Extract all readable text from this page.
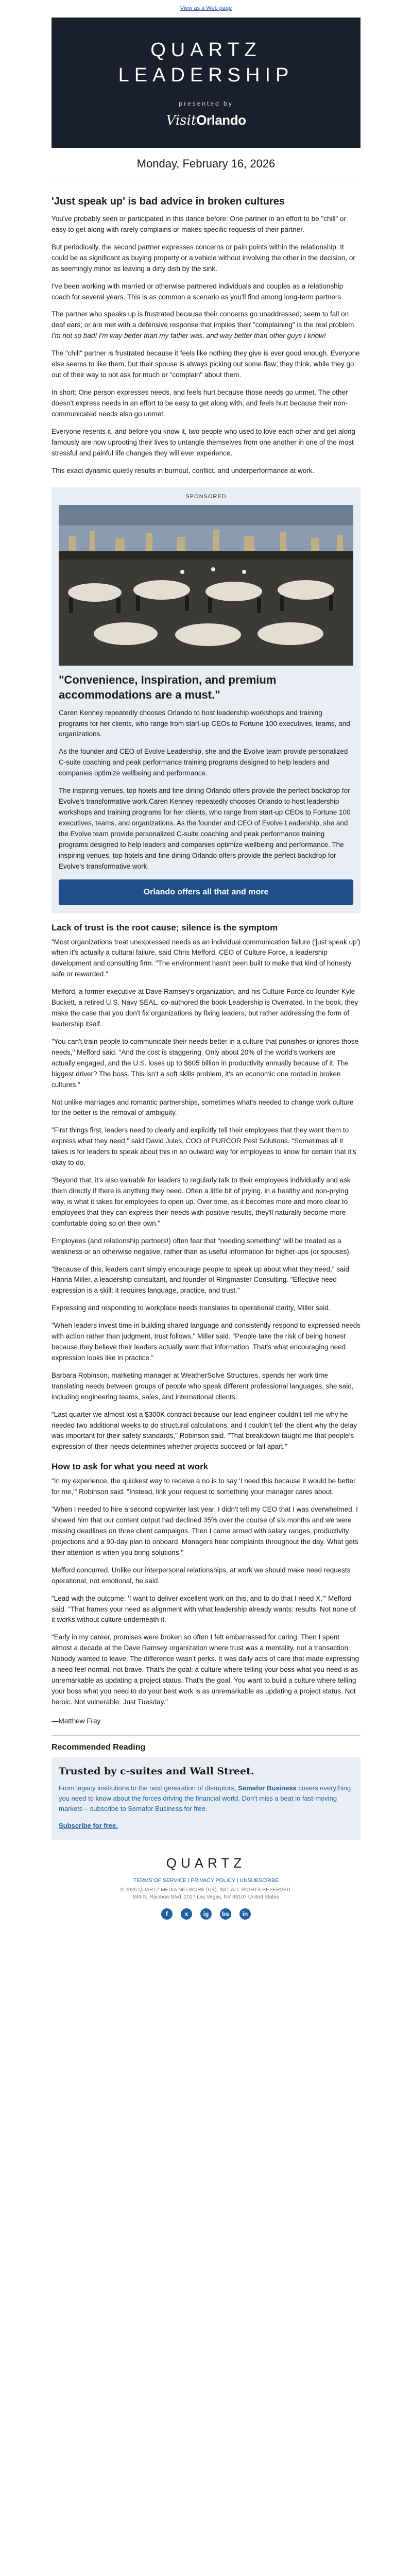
View as a Web page
QUARTZ
LEADERSHIP
presented by
VisitOrlando
Monday, February 16, 2026
'Just speak up' is bad advice in broken cultures

You've probably seen or participated in this dance before: One partner in an effort to be "chill" or easy to get along with rarely complains or makes specific requests of their partner.

But periodically, the second partner expresses concerns or pain points within the relationship. It could be as significant as buying property or a vehicle without involving the other in the decision, or as seemingly minor as leaving a dirty dish by the sink.

I've been working with married or otherwise partnered individuals and couples as a relationship coach for several years. This is as common a scenario as you'll find among long-term partners.

The partner who speaks up is frustrated because their concerns go unaddressed; seem to fall on deaf ears; or are met with a defensive response that implies their "complaining" is the real problem. I'm not so bad! I'm way better than my father was, and way better than other guys I know!

The "chill" partner is frustrated because it feels like nothing they give is ever good enough. Everyone else seems to like them, but their spouse is always picking out some flaw; they think, while they go out of their way to not ask for much or "complain" about them.

In short: One person expresses needs, and feels hurt because those needs go unmet. The other doesn't express needs in an effort to be easy to get along with, and feels hurt because their non-communicated needs also go unmet.

Everyone resents it, and before you know it, two people who used to love each other and get along famously are now uprooting their lives to untangle themselves from one another in one of the most stressful and painful life changes they will ever experience.

This exact dynamic quietly results in burnout, conflict, and underperformance at work.

SPONSORED
"Convenience, Inspiration, and premium accommodations are a must."

Caren Kenney repeatedly chooses Orlando to host leadership workshops and training programs for her clients, who range from start-up CEOs to Fortune 100 executives, teams, and organizations.

As the founder and CEO of Evolve Leadership, she and the Evolve team provide personalized C-suite coaching and peak performance training programs designed to help leaders and companies optimize wellbeing and performance.

The inspiring venues, top hotels and fine dining Orlando offers provide the perfect backdrop for Evolve's transformative work.Caren Kenney repeatedly chooses Orlando to host leadership workshops and training programs for her clients, who range from start-up CEOs to Fortune 100 executives, teams, and organizations. As the founder and CEO of Evolve Leadership, she and the Evolve team provide personalized C-suite coaching and peak performance training programs designed to help leaders and companies optimize wellbeing and performance. The inspiring venues, top hotels and fine dining Orlando offers provide the perfect backdrop for Evolve's transformative work.

Orlando offers all that and more
Lack of trust is the root cause; silence is the symptom

"Most organizations treat unexpressed needs as an individual communication failure ('just speak up') when it's actually a cultural failure, said Chris Mefford, CEO of Culture Force, a leadership development and consulting firm. "The environment hasn't been built to make that kind of honesty safe or rewarded."

Mefford, a former executive at Dave Ramsey's organization, and his Culture Force co-founder Kyle Buckett, a retired U.S. Navy SEAL, co-authored the book Leadership is Overrated. In the book, they make the case that you don't fix organizations by fixing leaders, but rather addressing the form of leadership itself.

"You can't train people to communicate their needs better in a culture that punishes or ignores those needs," Mefford said. "And the cost is staggering. Only about 20% of the world's workers are actually engaged, and the U.S. loses up to $605 billion in productivity annually because of it. The biggest driver? The boss. This isn't a soft skills problem, it's an economic one rooted in broken cultures."

Not unlike marriages and romantic partnerships, sometimes what's needed to change work culture for the better is the removal of ambiguity.

"First things first, leaders need to clearly and explicitly tell their employees that they want them to express what they need," said David Jules, COO of PURCOR Pest Solutions. "Sometimes all it takes is for leaders to speak about this in an outward way for employees to know for certain that it's okay to do.

"Beyond that, it's also valuable for leaders to regularly talk to their employees individually and ask them directly if there is anything they need. Often a little bit of prying, in a healthy and non-prying way, is what it takes for employees to open up. Over time, as it becomes more and more clear to employees that they can express their needs with positive results, they'll naturally become more comfortable doing so on their own."

Employees (and relationship partners!) often fear that "needing something" will be treated as a weakness or an otherwise negative, rather than as useful information for higher-ups (or spouses).

"Because of this, leaders can't simply encourage people to speak up about what they need," said Hanna Miller, a leadership consultant, and founder of Ringmaster Consulting. "Effective need expression is a skill: it requires language, practice, and trust."

Expressing and responding to workplace needs translates to operational clarity, Miller said.

"When leaders invest time in building shared language and consistently respond to expressed needs with action rather than judgment, trust follows," Miller said. "People take the risk of being honest because they believe their leaders actually want that information. That's what encouraging need expression looks like in practice."

Barbara Robinson, marketing manager at WeatherSolve Structures, spends her work time translating needs between groups of people who speak different professional languages, she said, including engineering teams, sales, and international clients.

"Last quarter we almost lost a $300K contract because our lead engineer couldn't tell me why he needed two additional weeks to do structural calculations, and I couldn't tell the client why the delay was important for their safety standards," Robinson said. "That breakdown taught me that people's expression of their needs determines whether projects succeed or fall apart."

How to ask for what you need at work

"In my experience, the quickest way to receive a no is to say 'I need this because it would be better for me,'" Robinson said. "Instead, link your request to something your manager cares about.

"When I needed to hire a second copywriter last year, I didn't tell my CEO that I was overwhelmed. I showed him that our content output had declined 35% over the course of six months and we were missing deadlines on three client campaigns. Then I came armed with salary ranges, productivity projections and a 90-day plan to onboard. Managers hear complaints throughout the day. What gets their attention is when you bring solutions."

Mefford concurred. Unlike our interpersonal relationships, at work we should make need requests operational, not emotional, he said.

"Lead with the outcome: 'I want to deliver excellent work on this, and to do that I need X,'" Mefford said. "That frames your need as alignment with what leadership already wants: results. Not none of it works without culture underneath it.

"Early in my career, promises were broken so often I felt embarrassed for caring. Then I spent almost a decade at the Dave Ramsey organization where trust was a mentality, not a transaction. Nobody wanted to leave. The difference wasn't perks. It was daily acts of care that made expressing a need feel normal, not brave. That's the goal: a culture where telling your boss what you need is as unremarkable as updating a project status. That's the goal. You want to build a culture where telling your boss what you need to do your best work is as unremarkable as updating a project status. Not heroic. Not vulnerable. Just Tuesday."

—Matthew Fray
Recommended Reading
Trusted by c-suites and Wall Street.

From legacy institutions to the next generation of disruptors, Semafor Business covers everything you need to know about the forces driving the financial world. Don't miss a beat in fast-moving markets – subscribe to Semafor Business for free.

Subscribe for free.
QUARTZ
TERMS OF SERVICE | PRIVACY POLICY | UNSUBSCRIBE
© 2026 QUARTZ MEDIA NETWORK (US), INC. ALL RIGHTS RESERVED.
849 N. Rainbow Blvd. 2017 Las Vegas, NV 89107 United States
f	x	ig	bs	in
